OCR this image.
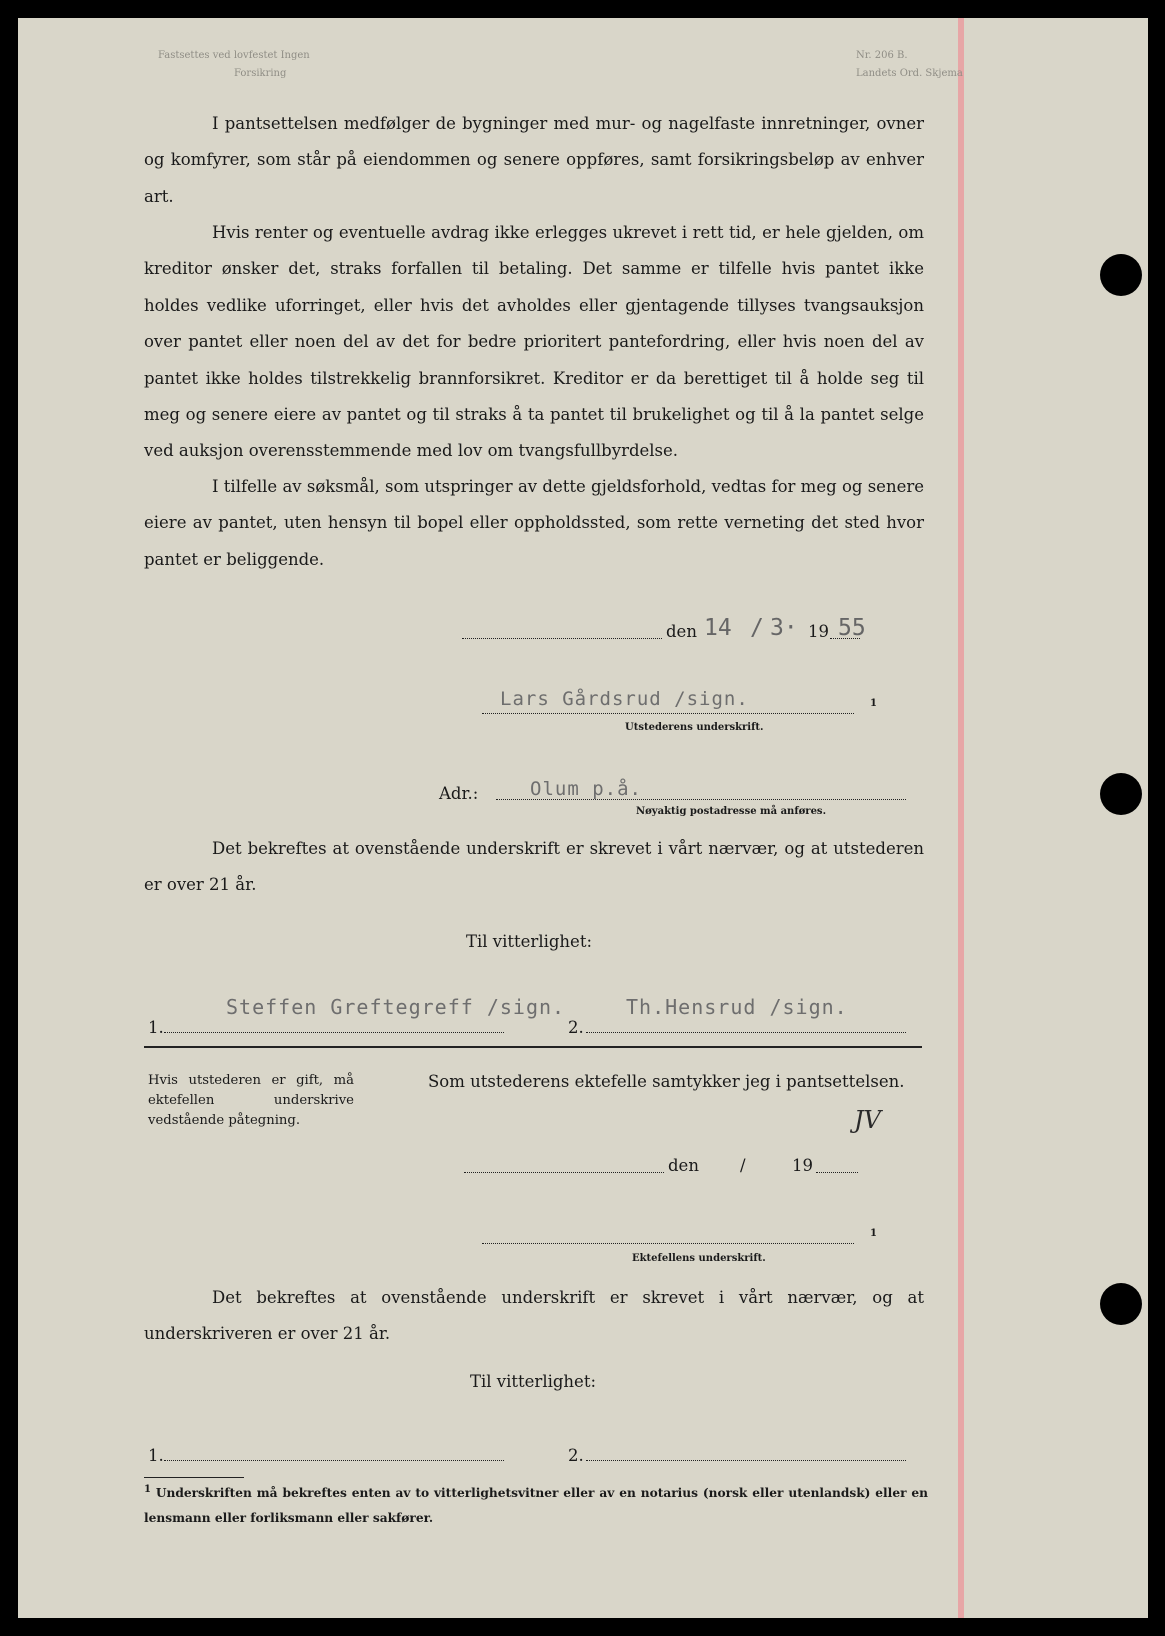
Fastsettes ved lovfestet Ingen
Forsikring
Nr. 206 B.
Landets Ord. Skjema

I pantsettelsen medfølger de bygninger med mur- og nagelfaste innretninger, ovner og komfyrer, som står på eiendommen og senere oppføres, samt forsikringsbeløp av enhver art.

Hvis renter og eventuelle avdrag ikke erlegges ukrevet i rett tid, er hele gjelden, om kreditor ønsker det, straks forfallen til betaling. Det samme er tilfelle hvis pantet ikke holdes vedlike uforringet, eller hvis det avholdes eller gjentagende tillyses tvangsauksjon over pantet eller noen del av det for bedre prioritert pantefordring, eller hvis noen del av pantet ikke holdes tilstrekkelig brannforsikret. Kreditor er da berettiget til å holde seg til meg og senere eiere av pantet og til straks å ta pantet til brukelighet og til å la pantet selge ved auksjon overensstemmende med lov om tvangsfullbyrdelse.

I tilfelle av søksmål, som utspringer av dette gjeldsforhold, vedtas for meg og senere eiere av pantet, uten hensyn til bopel eller oppholdssted, som rette verneting det sted hvor pantet er beliggende.

den 14 / 3· 19 55
Lars Gårdsrud /sign.	1
Utstederens underskrift.
Adr.:	Olum p.å.
Nøyaktig postadresse må anføres.

Det bekreftes at ovenstående underskrift er skrevet i vårt nærvær, og at utstederen er over 21 år.

Til vitterlighet:
1.
Steffen Greftegreff /sign.
2.
Th.Hensrud /sign.
Hvis utstederen er gift, må ektefellen underskrive vedstående påtegning.
Som utstederens ektefelle samtykker jeg i pantsettelsen.
JV
den /	19
1
Ektefellens underskrift.

Det bekreftes at ovenstående underskrift er skrevet i vårt nærvær, og at underskriveren er over 21 år.

Til vitterlighet:
1.	2.

$^1$ Underskriften må bekreftes enten av to vitterlighetsvitner eller av en notarius (norsk eller utenlandsk) eller en lensmann eller forliksmann eller sakfører.
